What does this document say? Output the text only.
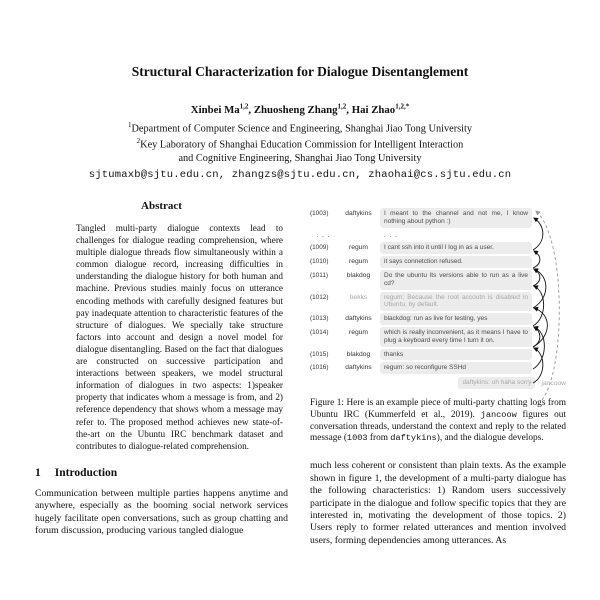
Structural Characterization for Dialogue Disentanglement
Xinbei Ma$^{1,2}$, Zhuosheng Zhang$^{1,2}$, Hai Zhao$^{1,2,*}$
$^1$Department of Computer Science and Engineering, Shanghai Jiao Tong University
$^2$Key Laboratory of Shanghai Education Commission for Intelligent Interaction
and Cognitive Engineering, Shanghai Jiao Tong University
sjtumaxb@sjtu.edu.cn, zhangzs@sjtu.edu.cn, zhaohai@cs.sjtu.edu.cn
Abstract

Tangled multi-party dialogue contexts lead to challenges for dialogue reading comprehension, where multiple dialogue threads flow simultaneously within a common dialogue record, increasing difficulties in understanding the dialogue history for both human and machine. Previous studies mainly focus on utterance encoding methods with carefully designed features but pay inadequate attention to characteristic features of the structure of dialogues. We specially take structure factors into account and design a novel model for dialogue disentangling. Based on the fact that dialogues are constructed on successive participation and interactions between speakers, we model structural information of dialogues in two aspects: 1)speaker property that indicates whom a message is from, and 2) reference dependency that shows whom a message may refer to. The proposed method achieves new state-of-the-art on the Ubuntu IRC benchmark dataset and contributes to dialogue-related comprehension.

1 Introduction

Communication between multiple parties happens anytime and anywhere, especially as the booming social network services hugely facilitate open conversations, such as group chatting and forum discussion, producing various tangled dialogue

(1003)	daftykins	I meant to the channel and not me, I know nothing about python :)
. . .	. . .
(1009)	regum	I cant ssh into it until I log in as a user.
(1010)	regum	it says connetction refused.
(1011)	blakdog	Do the ubuntu lts versions able to run as a live cd?
(1012)	bekks	regum: Because the root accoutn is disabled in Ubuntu, by default.
(1013)	daftykins	blackdog: run as live for testing, yes
(1014)	regum	which is really inconvenient, as it means I have to plug a keyboard every time I turn it on.
(1015)	blakdog	thanks
(1016)	daftykins	regum: so reconfigure SSHd
daftykins: oh haha sorry	jancoow
Figure 1: Here is an example piece of multi-party chatting logs from Ubuntu IRC (Kummerfeld et al., 2019). jancoow figures out conversation threads, understand the context and reply to the related message (1003 from daftykins), and the dialogue develops.

much less coherent or consistent than plain texts. As the example shown in figure 1, the development of a multi-party dialogue has the following characteristics: 1) Random users successively participate in the dialogue and follow specific topics that they are interested in, motivating the development of those topics. 2) Users reply to former related utterances and mention involved users, forming dependencies among utterances. As
